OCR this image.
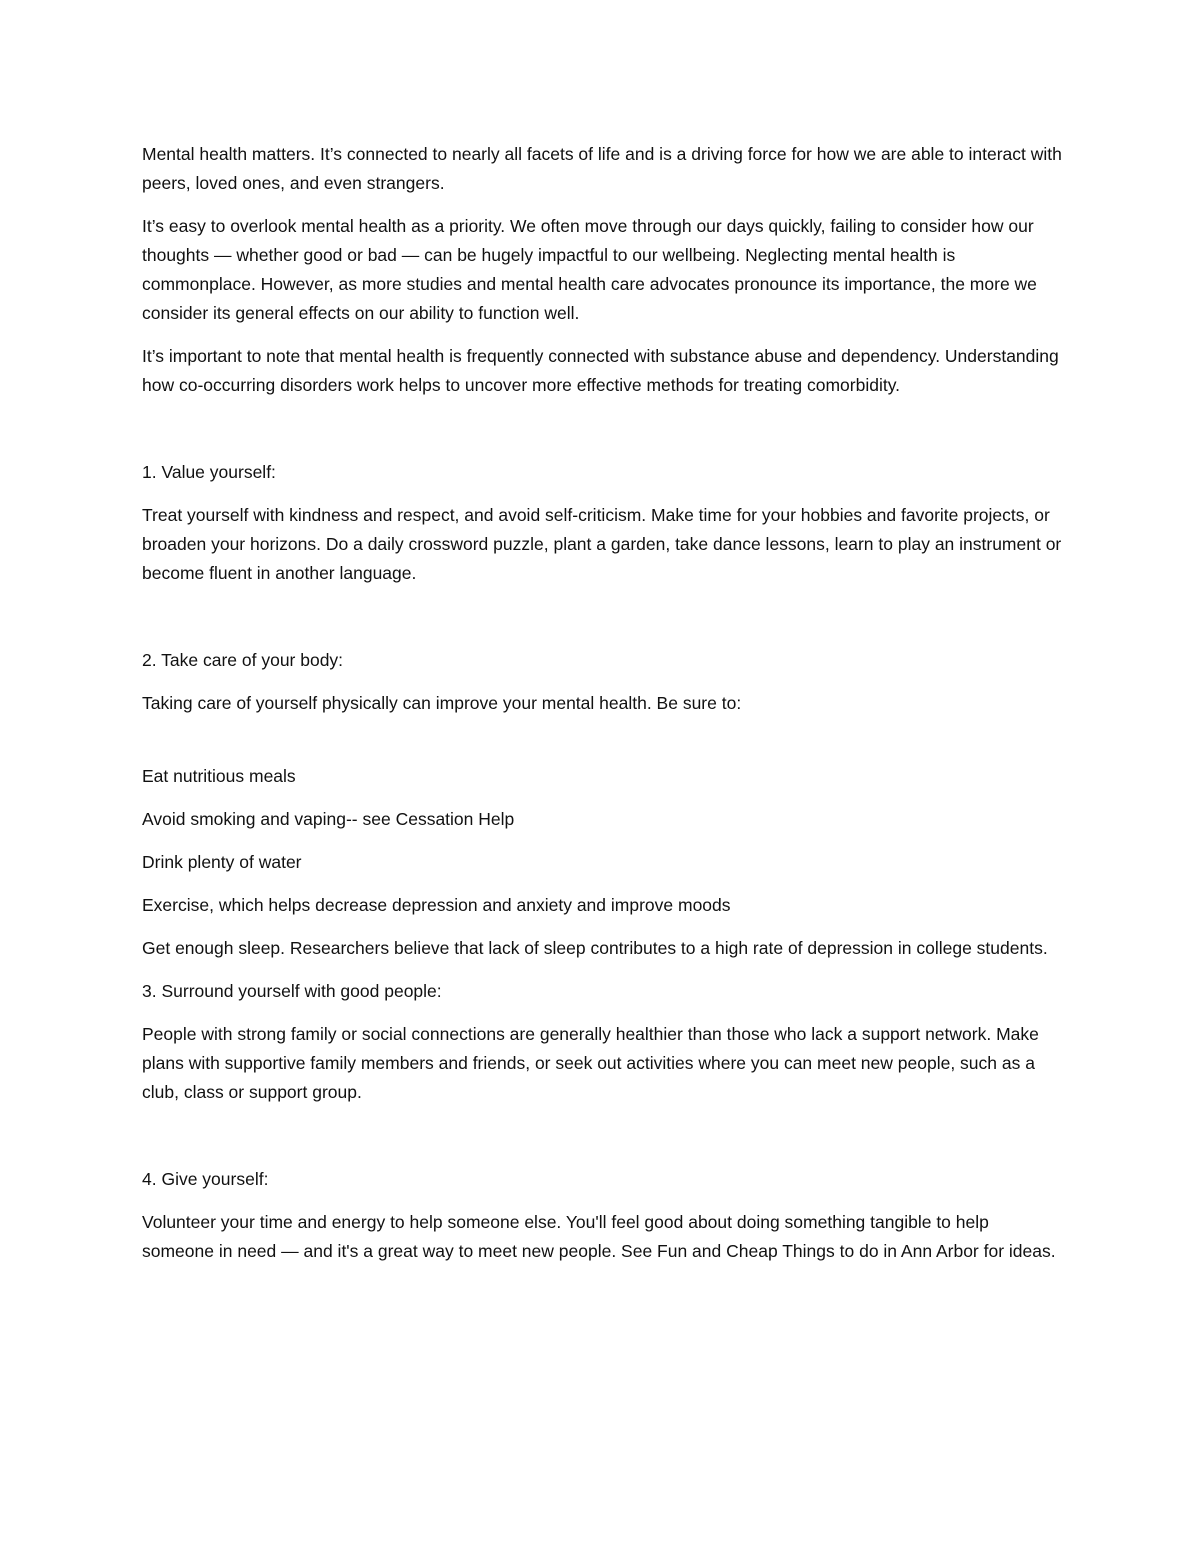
Mental health matters. It’s connected to nearly all facets of life and is a driving force for how we are able to interact with peers, loved ones, and even strangers.

It’s easy to overlook mental health as a priority. We often move through our days quickly, failing to consider how our thoughts — whether good or bad — can be hugely impactful to our wellbeing. Neglecting mental health is commonplace. However, as more studies and mental health care advocates pronounce its importance, the more we consider its general effects on our ability to function well.

It’s important to note that mental health is frequently connected with substance abuse and dependency. Understanding how co-occurring disorders work helps to uncover more effective methods for treating comorbidity.

1. Value yourself:

Treat yourself with kindness and respect, and avoid self-criticism. Make time for your hobbies and favorite projects, or broaden your horizons. Do a daily crossword puzzle, plant a garden, take dance lessons, learn to play an instrument or become fluent in another language.

2. Take care of your body:

Taking care of yourself physically can improve your mental health. Be sure to:

Eat nutritious meals

Avoid smoking and vaping-- see Cessation Help

Drink plenty of water

Exercise, which helps decrease depression and anxiety and improve moods

Get enough sleep. Researchers believe that lack of sleep contributes to a high rate of depression in college students.

3. Surround yourself with good people:

People with strong family or social connections are generally healthier than those who lack a support network. Make plans with supportive family members and friends, or seek out activities where you can meet new people, such as a club, class or support group.

4. Give yourself:

Volunteer your time and energy to help someone else. You'll feel good about doing something tangible to help someone in need — and it's a great way to meet new people. See Fun and Cheap Things to do in Ann Arbor for ideas.
